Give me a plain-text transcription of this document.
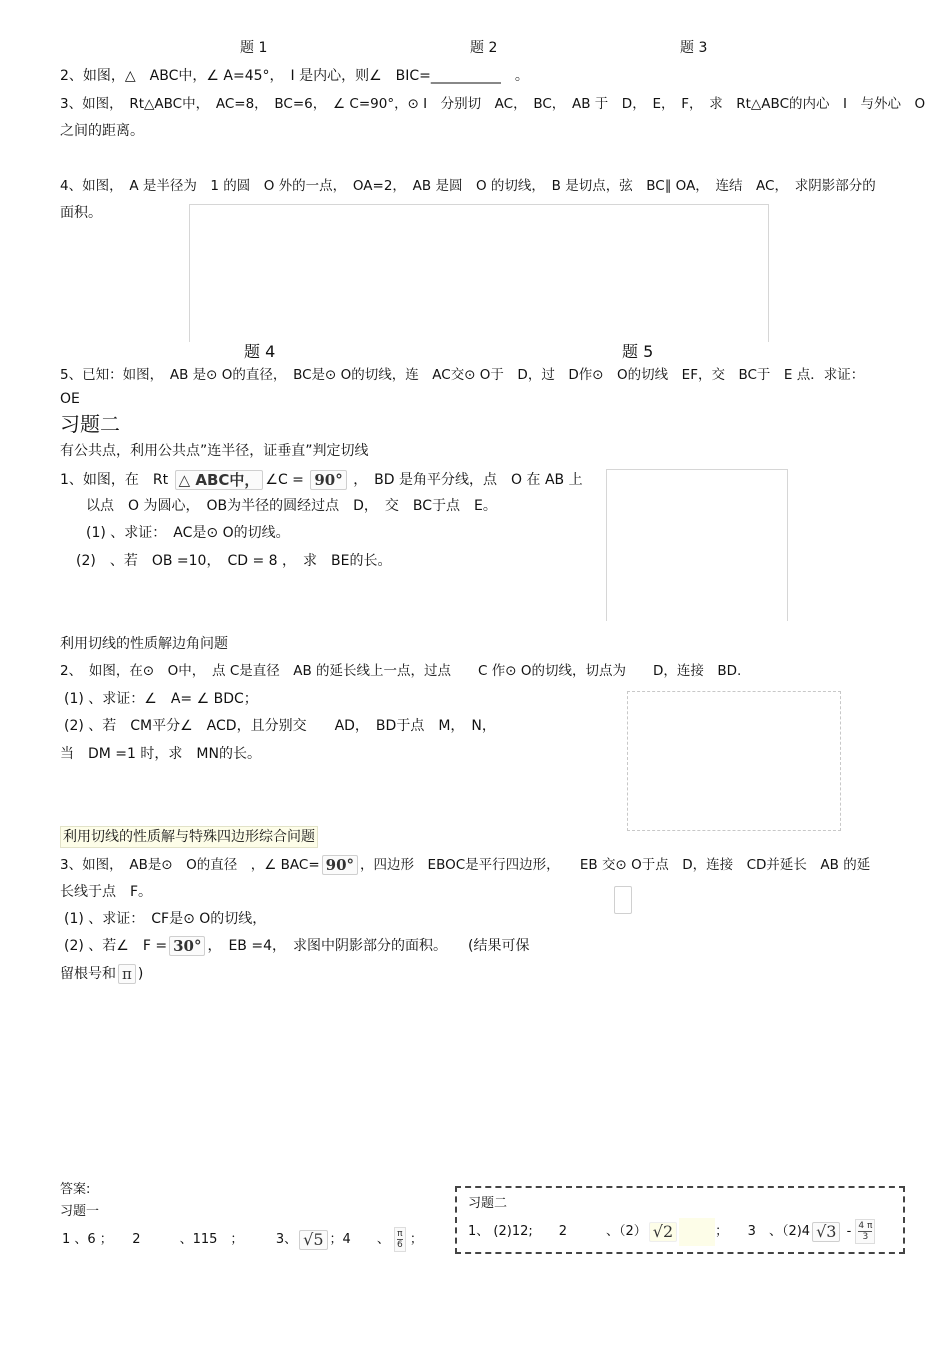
题 1	题 2	题 3
2、如图，△　ABC中，∠ A=45°，　I 是内心，则∠　BIC=__________　。
3、如图，　Rt△ABC中，　AC=8，　BC=6，　∠ C=90°，⊙ I　分别切　AC，　BC，　AB 于　D，　E，　F，　求　Rt△ABC的内心　I　与外心　O
之间的距离。
4、如图，　A 是半径为　1 的圆　O 外的一点，　OA=2，　AB 是圆　O 的切线，　B 是切点，弦　BC∥ OA，　连结　AC，　求阴影部分的
面积。
题 4	题 5
5、已知：如图，　AB 是⊙ O的直径，　BC是⊙ O的切线，连　AC交⊙ O于　D，过　D作⊙　O的切线　EF，交　BC于　E 点．求证：
OE
习题二
有公共点，利用公共点”连半径，证垂直”判定切线
1、如图，在　Rt △ ABC中， ∠C = 90° ，　BD 是角平分线，点　O 在 AB 上
以点　O 为圆心，　OB为半径的圆经过点　D，　交　BC于点　E。
(1) 、求证：　AC是⊙ O的切线。
(2)　、若　OB =10，　CD = 8 ，　求　BE的长。
利用切线的性质解边角问题
2、　如图，在⊙　O中，　点 C是直径　AB 的延长线上一点，过点　　C 作⊙ O的切线，切点为　　D，连接　BD.
(1) 、求证：∠　A= ∠ BDC；
(2) 、若　CM平分∠　ACD，且分别交　　AD，　BD于点　M，　N，
当　DM =1 时，求　MN的长。
利用切线的性质解与特殊四边形综合问题
3、如图，　AB是⊙　O的直径　，∠ BAC= 90° ，四边形　EBOC是平行四边形，　　EB 交⊙ O于点　D，连接　CD并延长　AB 的延
长线于点　F。
(1) 、求证：　CF是⊙ O的切线，
(2) 、若∠　F = 30° ，　EB =4，　求图中阴影部分的面积。　　(结果可保
留根号和 π )
答案:
习题一
1 、6 ；　　2　　　、115　；　　　3、 √5 ；4　　、 $\frac{\pi}{6}$ ；
习题二
1、 (2)12;　　2　　　、（2） √2	；　　3　、（2)4 $√3 - \frac{4 \pi}{3}$
